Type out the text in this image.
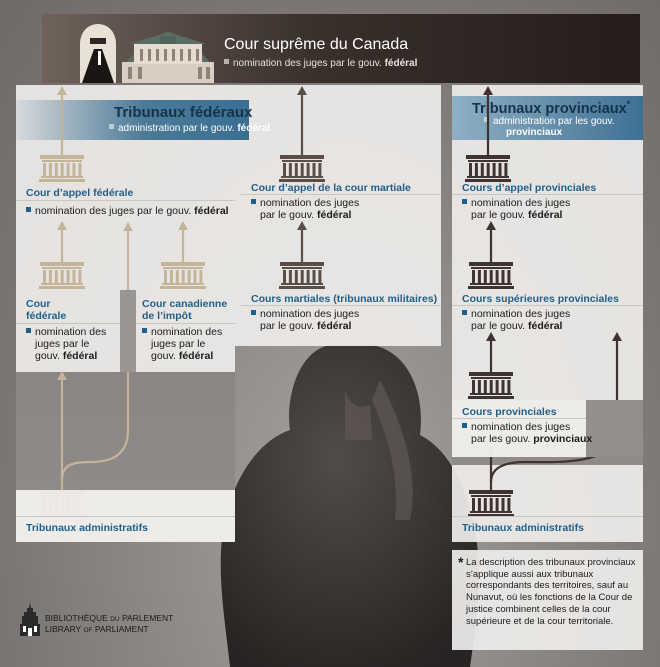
Cour suprême du Canada
nomination des juges par le gouv. fédéral
Tribunaux fédéraux
administration par le gouv. fédéral
Tribunaux provinciaux*
administration par les gouv.
provinciaux
Cour d’appel fédérale
nomination des juges par le gouv. fédéral
Cour
fédérale
nomination des
juges par le
gouv. fédéral
Cour canadienne
de l’impôt
nomination des
juges par le
gouv. fédéral
Cour d’appel de la cour martiale
nomination des juges
par le gouv. fédéral
Cours martiales (tribunaux militaires)
nomination des juges
par le gouv. fédéral
Cours d’appel provinciales
nomination des juges
par le gouv. fédéral
Cours supérieures provinciales
nomination des juges
par le gouv. fédéral
Cours provinciales
nomination des juges
par les gouv. provinciaux
Tribunaux administratifs	Tribunaux administratifs
* La description des tribunaux provinciaux
s’applique aussi aux tribunaux
correspondants des territoires, sauf au
Nunavut, où les fonctions de la Cour de
justice combinent celles de la cour
supérieure et de la cour territoriale.
BIBLIOTHÈQUE DU PARLEMENT
LIBRARY OF PARLIAMENT
